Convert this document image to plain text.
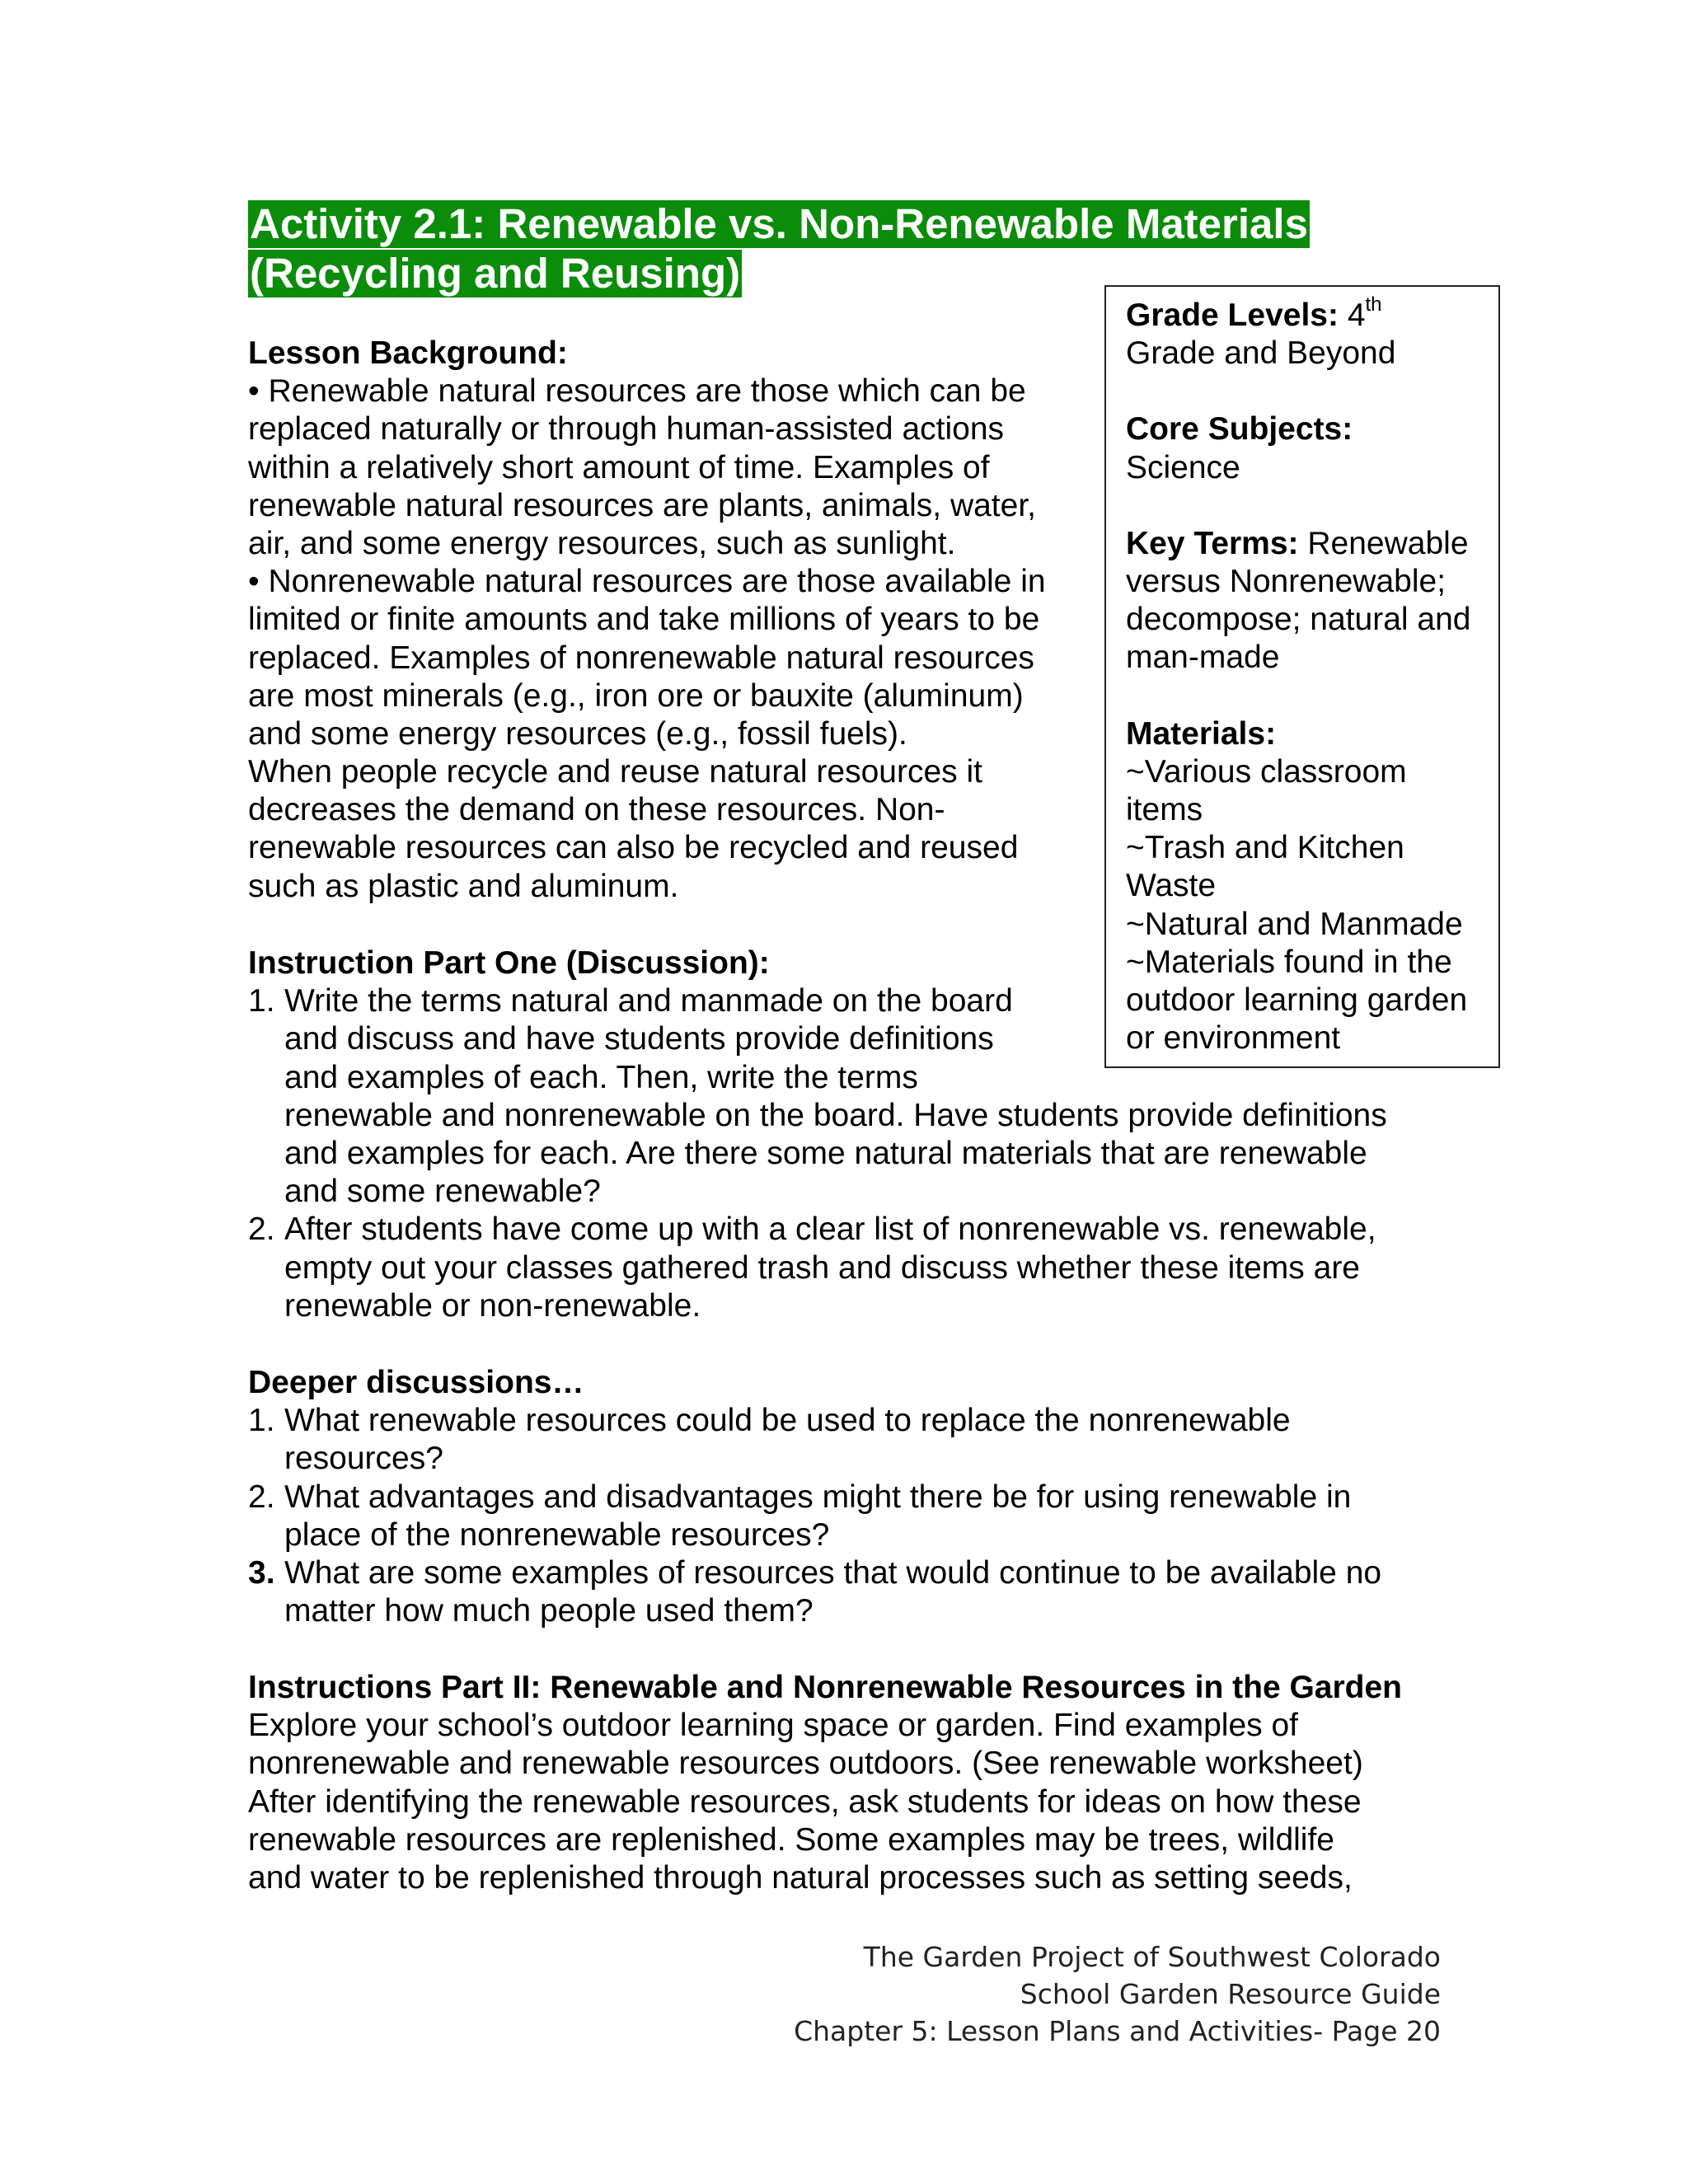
Activity 2.1: Renewable vs. Non-Renewable Materials
(Recycling and Reusing)
Grade Levels: 4th
Grade and Beyond
Core Subjects:
Science
Key Terms: Renewable
versus Nonrenewable;
decompose; natural and
man-made
Materials:
~Various classroom
items
~Trash and Kitchen
Waste
~Natural and Manmade
~Materials found in the
outdoor learning garden
or environment
Lesson Background:
• Renewable natural resources are those which can be
replaced naturally or through human-assisted actions
within a relatively short amount of time. Examples of
renewable natural resources are plants, animals, water,
air, and some energy resources, such as sunlight.
• Nonrenewable natural resources are those available in
limited or finite amounts and take millions of years to be
replaced. Examples of nonrenewable natural resources
are most minerals (e.g., iron ore or bauxite (aluminum)
and some energy resources (e.g., fossil fuels).
When people recycle and reuse natural resources it
decreases the demand on these resources. Non-
renewable resources can also be recycled and reused
such as plastic and aluminum.
Instruction Part One (Discussion):
1. Write the terms natural and manmade on the board
and discuss and have students provide definitions
and examples of each. Then, write the terms
renewable and nonrenewable on the board. Have students provide definitions
and examples for each. Are there some natural materials that are renewable
and some renewable?
2. After students have come up with a clear list of nonrenewable vs. renewable,
empty out your classes gathered trash and discuss whether these items are
renewable or non-renewable.
Deeper discussions…
1. What renewable resources could be used to replace the nonrenewable
resources?
2. What advantages and disadvantages might there be for using renewable in
place of the nonrenewable resources?
3. What are some examples of resources that would continue to be available no
matter how much people used them?
Instructions Part II: Renewable and Nonrenewable Resources in the Garden
Explore your school’s outdoor learning space or garden. Find examples of
nonrenewable and renewable resources outdoors. (See renewable worksheet)
After identifying the renewable resources, ask students for ideas on how these
renewable resources are replenished. Some examples may be trees, wildlife
and water to be replenished through natural processes such as setting seeds,
The Garden Project of Southwest Colorado
School Garden Resource Guide
Chapter 5: Lesson Plans and Activities- Page 20
